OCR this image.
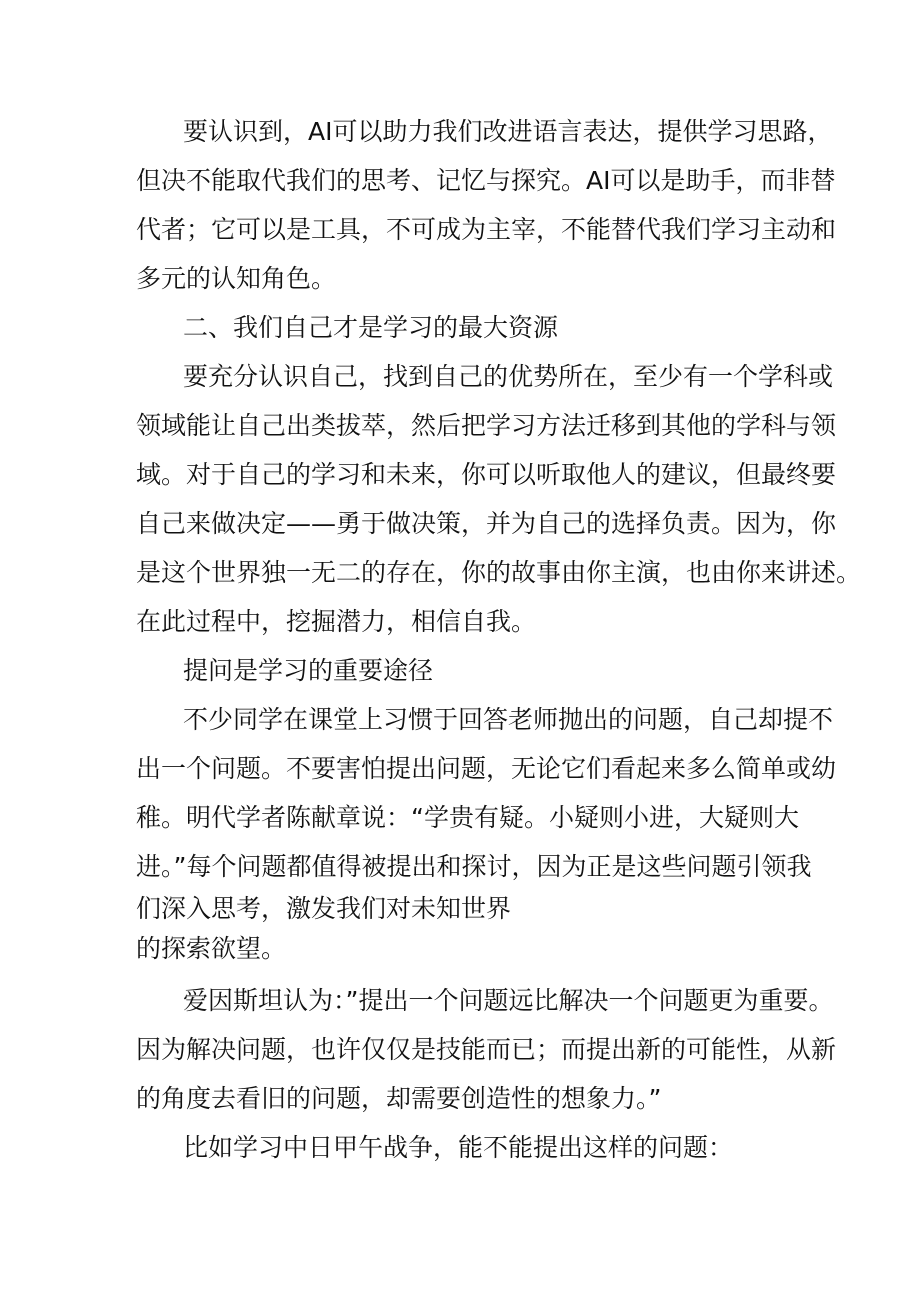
要认识到，AI可以助力我们改进语言表达，提供学习思路，
但决不能取代我们的思考、记忆与探究。AI可以是助手，而非替
代者；它可以是工具，不可成为主宰，不能替代我们学习主动和
多元的认知角色。
二、我们自己才是学习的最大资源
要充分认识自己，找到自己的优势所在，至少有一个学科或
领域能让自己出类拔萃，然后把学习方法迁移到其他的学科与领
域。对于自己的学习和未来，你可以听取他人的建议，但最终要
自己来做决定——勇于做决策，并为自己的选择负责。因为，你
是这个世界独一无二的存在，你的故事由你主演，也由你来讲述。
在此过程中，挖掘潜力，相信自我。
提问是学习的重要途径
不少同学在课堂上习惯于回答老师抛出的问题，自己却提不
出一个问题。不要害怕提出问题，无论它们看起来多么简单或幼
稚。明代学者陈献章说：“学贵有疑。小疑则小进，大疑则大
进。”每个问题都值得被提出和探讨，因为正是这些问题引领我
们深入思考，激发我们对未知世界
的探索欲望。
爱因斯坦认为：”提出一个问题远比解决一个问题更为重要。
因为解决问题，也许仅仅是技能而已；而提出新的可能性，从新
的角度去看旧的问题，却需要创造性的想象力。”
比如学习中日甲午战争，能不能提出这样的问题：
